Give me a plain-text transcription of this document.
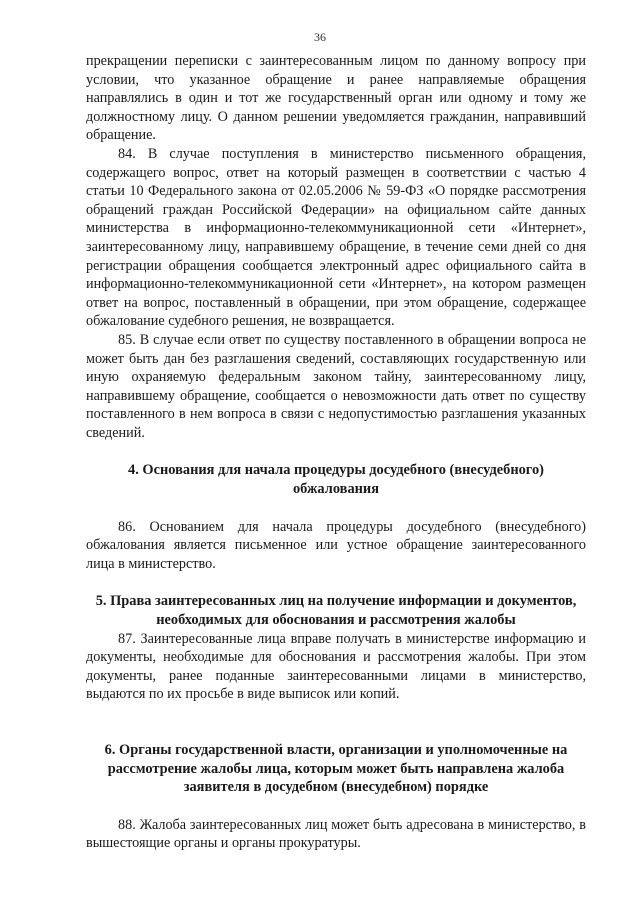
36

прекращении переписки с заинтересованным лицом по данному вопросу при условии, что указанное обращение и ранее направляемые обращения направлялись в один и тот же государственный орган или одному и тому же должностному лицу. О данном решении уведомляется гражданин, направивший обращение.

84. В случае поступления в министерство письменного обращения, содержащего вопрос, ответ на который размещен в соответствии с частью 4 статьи 10 Федерального закона от 02.05.2006 № 59-ФЗ «О порядке рассмотрения обращений граждан Российской Федерации» на официальном сайте данных министерства в информационно-телекоммуникационной сети «Интернет», заинтересованному лицу, направившему обращение, в течение семи дней со дня регистрации обращения сообщается электронный адрес официального сайта в информационно-телекоммуникационной сети «Интернет», на котором размещен ответ на вопрос, поставленный в обращении, при этом обращение, содержащее обжалование судебного решения, не возвращается.

85. В случае если ответ по существу поставленного в обращении вопроса не может быть дан без разглашения сведений, составляющих государственную или иную охраняемую федеральным законом тайну, заинтересованному лицу, направившему обращение, сообщается о невозможности дать ответ по существу поставленного в нем вопроса в связи с недопустимостью разглашения указанных сведений.

4. Основания для начала процедуры досудебного (внесудебного) обжалования

86. Основанием для начала процедуры досудебного (внесудебного) обжалования является письменное или устное обращение заинтересованного лица в министерство.

5. Права заинтересованных лиц на получение информации и документов, необходимых для обоснования и рассмотрения жалобы

87. Заинтересованные лица вправе получать в министерстве информацию и документы, необходимые для обоснования и рассмотрения жалобы. При этом документы, ранее поданные заинтересованными лицами в министерство, выдаются по их просьбе в виде выписок или копий.

6. Органы государственной власти, организации и уполномоченные на рассмотрение жалобы лица, которым может быть направлена жалоба заявителя в досудебном (внесудебном) порядке

88. Жалоба заинтересованных лиц может быть адресована в министерство, в вышестоящие органы и органы прокуратуры.
